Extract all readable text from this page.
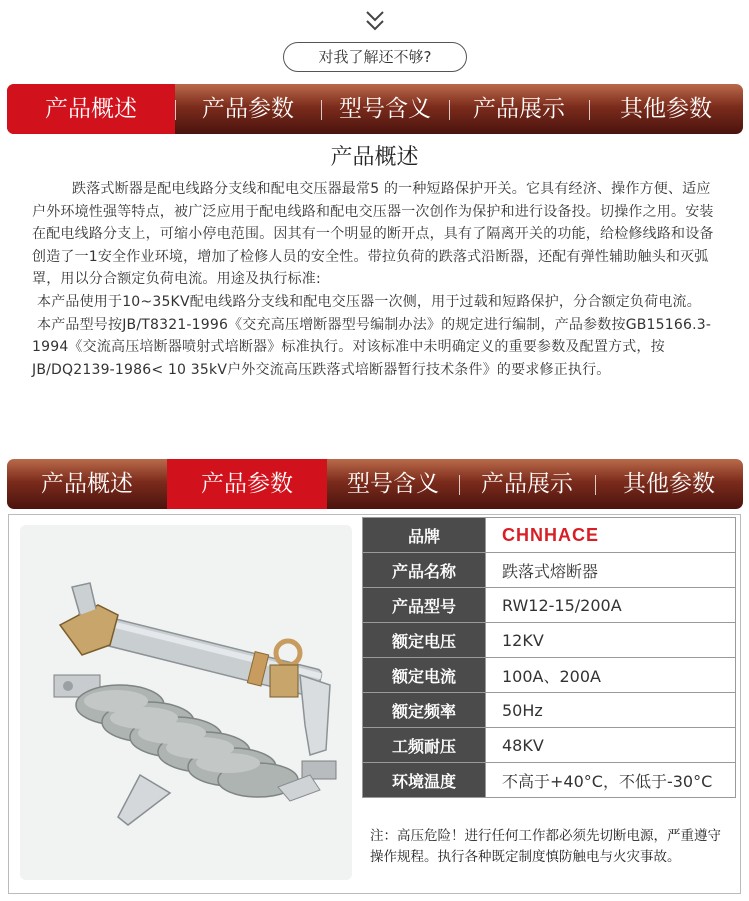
对我了解还不够?
产品概述	产品参数	型号含义	产品展示	其他参数
产品概述

跌落式断器是配电线路分支线和配电交压器最常5 的一种短路保护开关。它具有经济、操作方便、适应户外环境性强等特点，被广泛应用于配电线路和配电交压器一次创作为保护和进行设备投。切操作之用。安装在配电线路分支上，可缩小停电范围。因其有一个明显的断开点，具有了隔离开关的功能，给检修线路和设备创造了一1安全作业环境，增加了检修人员的安全性。带拉负荷的跌落式沿断器，还配有弹性辅助触头和灭弧罩，用以分合额定负荷电流。用途及执行标准:

本产品使用于10~35KV配电线路分支线和配电交压器一次侧，用于过载和短路保护，分合额定负荷电流。

本产品型号按JB/T8321-1996《交充高压增断器型号编制办法》的规定进行编制，产品参数按GB15166.3-1994《交流高压培断器喷射式培断器》标准执行。对该标准中未明确定义的重要参数及配置方式，按JB/DQ2139-1986< 10 35kV户外交流高压跌落式培断器暂行技术条件》的要求修正执行。

产品概述	产品参数	型号含义	产品展示	其他参数
品牌	CHNHACE
产品名称	跌落式熔断器
产品型号	RW12-15/200A
额定电压	12KV
额定电流	100A、200A
额定频率	50Hz
工频耐压	48KV
环境温度	不高于+40°C，不低于-30°C
注：高压危险！进行任何工作都必须先切断电源，严重遵守操作规程。执行各种既定制度慎防触电与火灾事故。
